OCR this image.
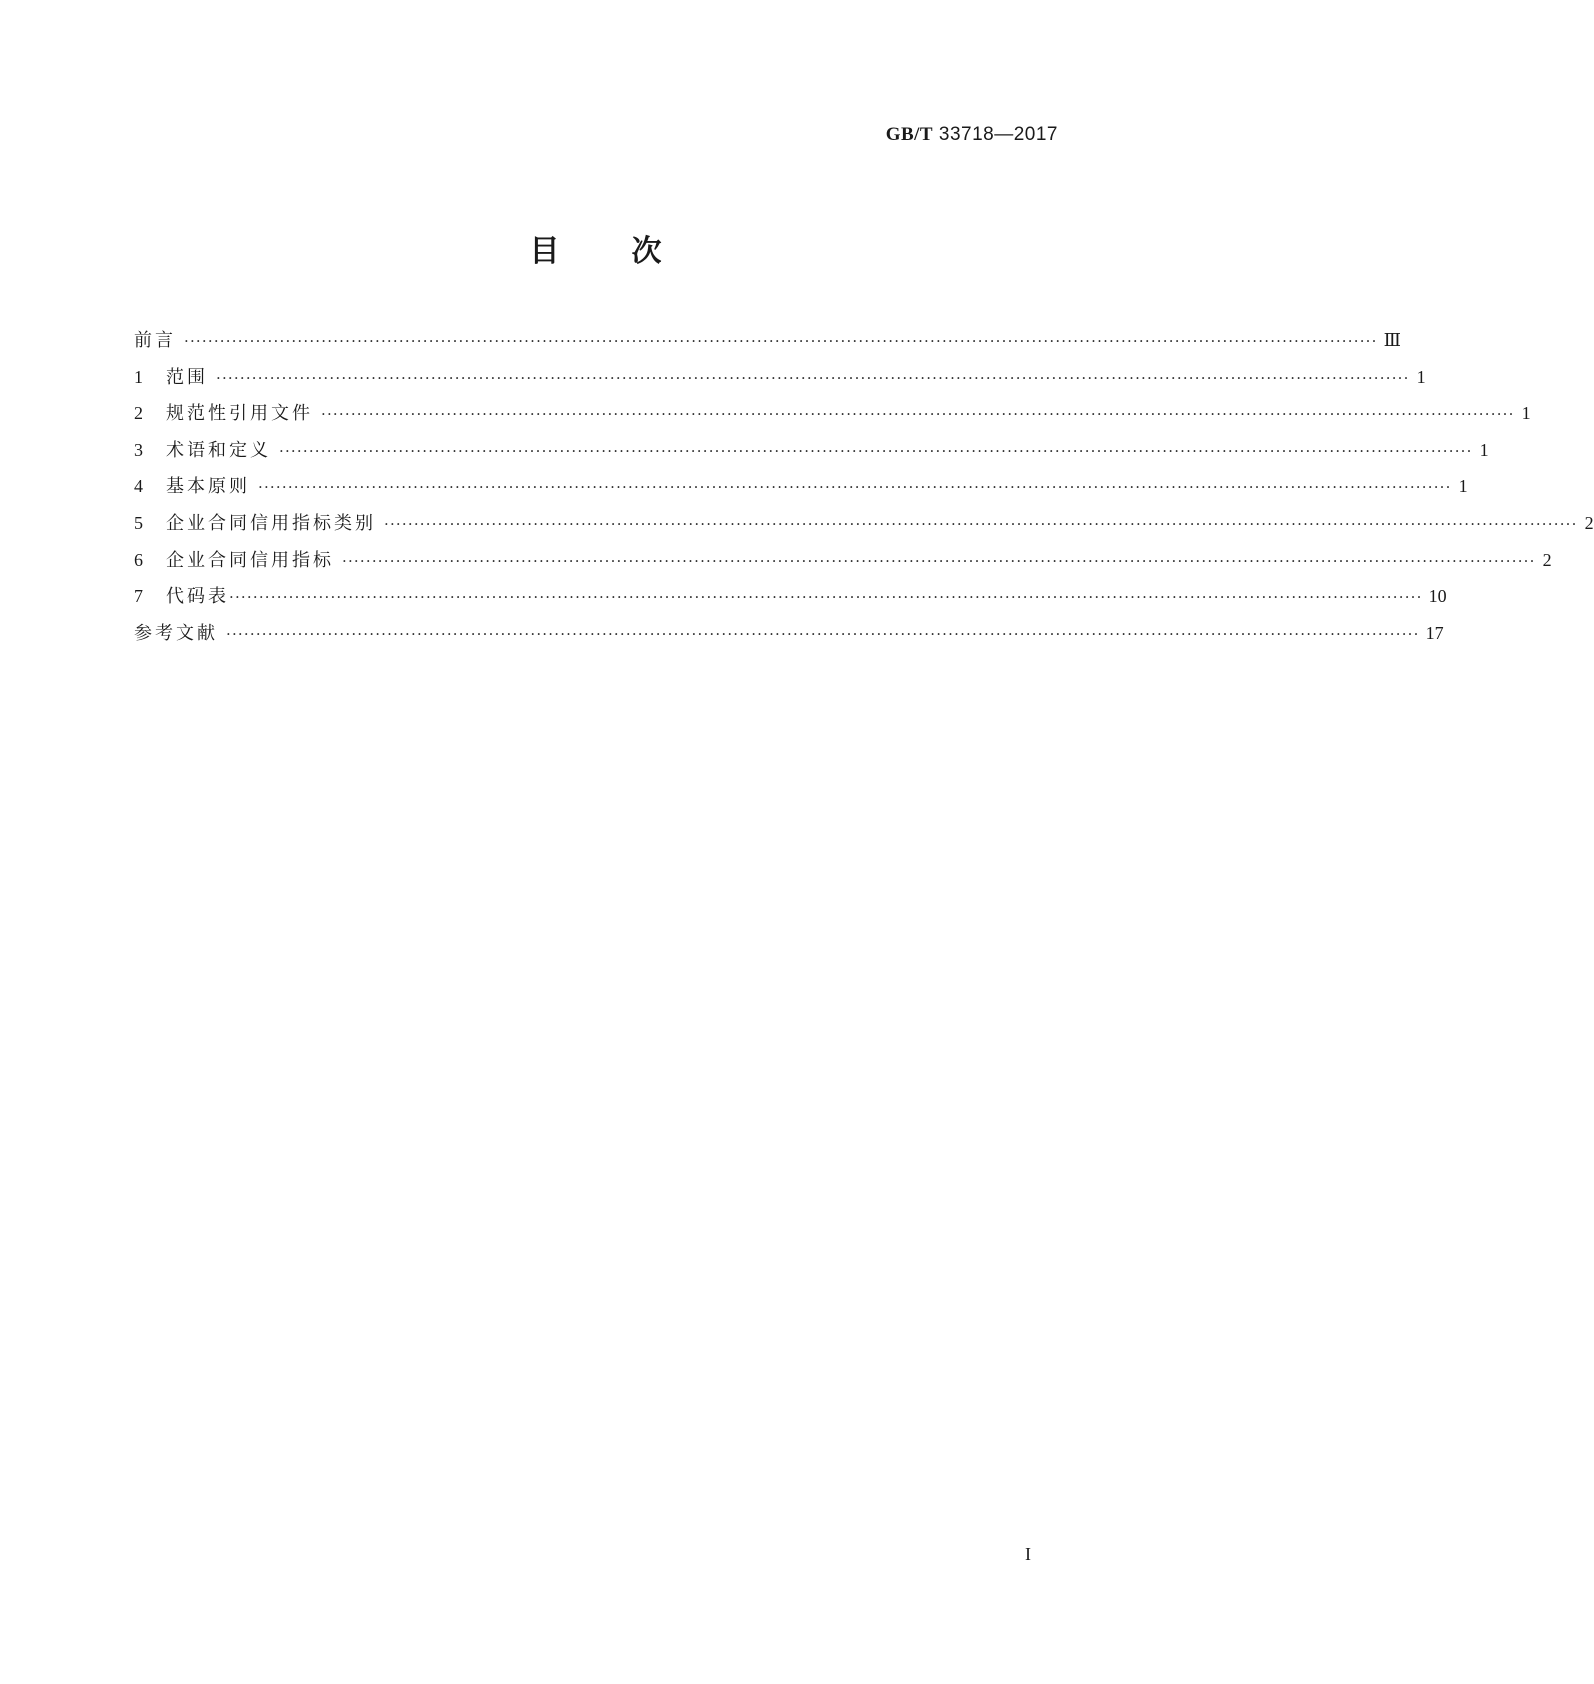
GB/T 33718—2017
目 次
前言 ········································································································································································································ Ⅲ
1	范围 ········································································································································································································ 1
2	规范性引用文件 ········································································································································································································ 1
3	术语和定义 ········································································································································································································ 1
4	基本原则 ········································································································································································································ 1
5	企业合同信用指标类别 ········································································································································································································ 2
6	企业合同信用指标 ········································································································································································································ 2
7	代码表 ········································································································································································································ 10
参考文献 ········································································································································································································ 17
I
